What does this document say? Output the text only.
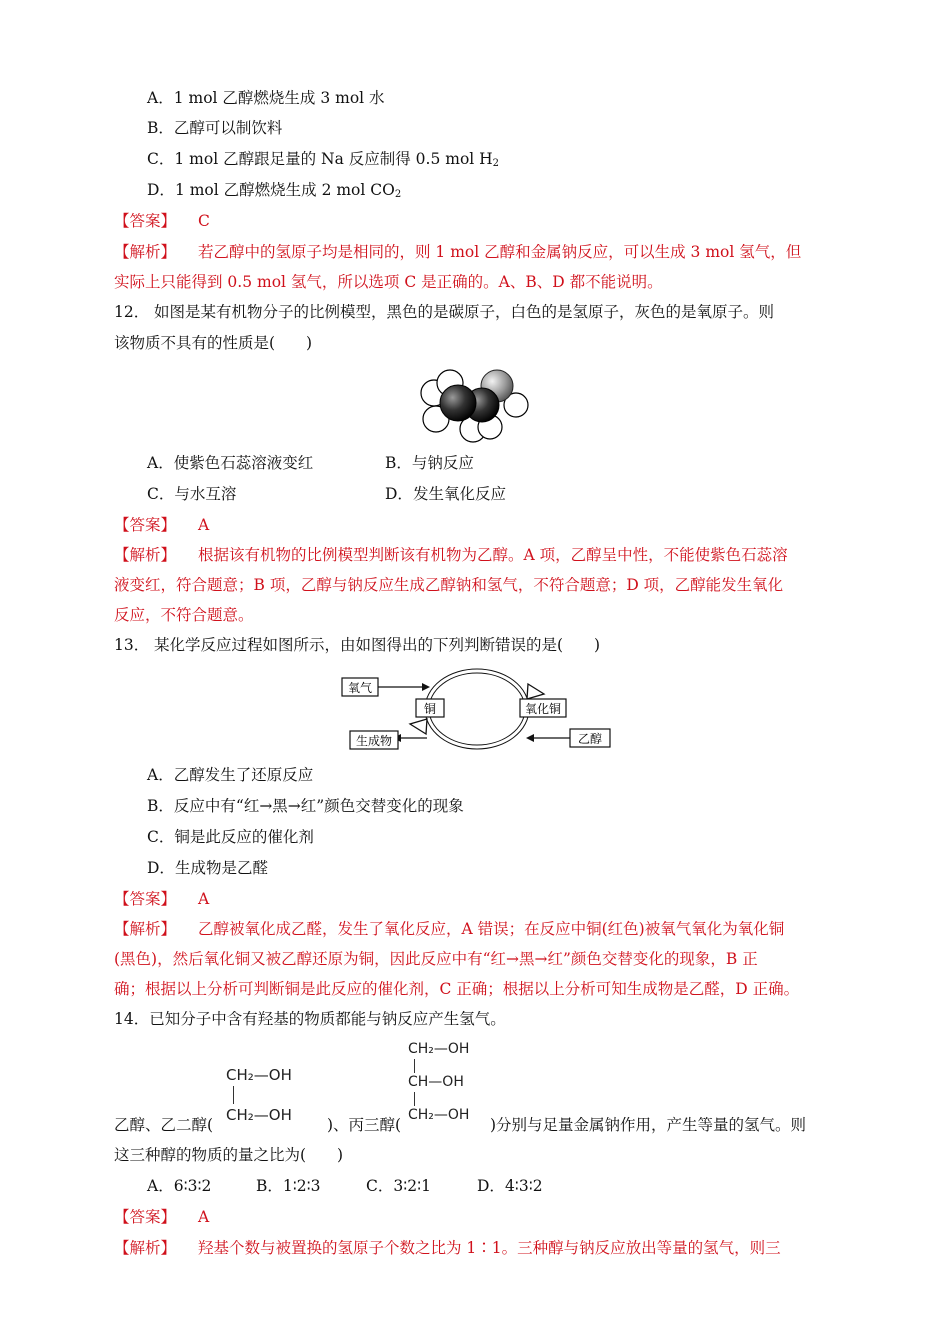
A．1 mol 乙醇燃烧生成 3 mol 水
B．乙醇可以制饮料
C．1 mol 乙醇跟足量的 Na 反应制得 0.5 mol $H_2$
D．1 mol 乙醇燃烧生成 2 mol $CO_2$
【答案】 C
【解析】 若乙醇中的氢原子均是相同的，则 1 mol 乙醇和金属钠反应，可以生成 3 mol 氢气，但
实际上只能得到 0.5 mol 氢气，所以选项 C 是正确的。A、B、D 都不能说明。
12． 如图是某有机物分子的比例模型，黑色的是碳原子，白色的是氢原子，灰色的是氧原子。则
该物质不具有的性质是(　　)
A．使紫色石蕊溶液变红	B．与钠反应
C．与水互溶	D．发生氧化反应
【答案】 A
【解析】 根据该有机物的比例模型判断该有机物为乙醇。A 项，乙醇呈中性，不能使紫色石蕊溶
液变红，符合题意；B 项，乙醇与钠反应生成乙醇钠和氢气，不符合题意；D 项，乙醇能发生氧化
反应，不符合题意。
13． 某化学反应过程如图所示，由如图得出的下列判断错误的是(　　)
氧气
铜	氧化铜
生成物	乙醇
A．乙醇发生了还原反应
B．反应中有“红→黑→红”颜色交替变化的现象
C．铜是此反应的催化剂
D．生成物是乙醛
【答案】 A
【解析】 乙醇被氧化成乙醛，发生了氧化反应，A 错误；在反应中铜(红色)被氧气氧化为氧化铜
(黑色)，然后氧化铜又被乙醇还原为铜，因此反应中有“红→黑→红”颜色交替变化的现象，B 正
确；根据以上分析可判断铜是此反应的催化剂，C 正确；根据以上分析可知生成物是乙醛，D 正确。
14．已知分子中含有羟基的物质都能与钠反应产生氢气。
CH₂—OH
CH₂—OH
CH₂—OH
CH—OH
CH₂—OH
乙醇、乙二醇(	)、丙三醇(	)分别与足量金属钠作用，产生等量的氢气。则
这三种醇的物质的量之比为(　　)
A．6∶3∶2	B．1∶2∶3	C．3∶2∶1	D．4∶3∶2
【答案】 A
【解析】 羟基个数与被置换的氢原子个数之比为 1∶1。三种醇与钠反应放出等量的氢气，则三
